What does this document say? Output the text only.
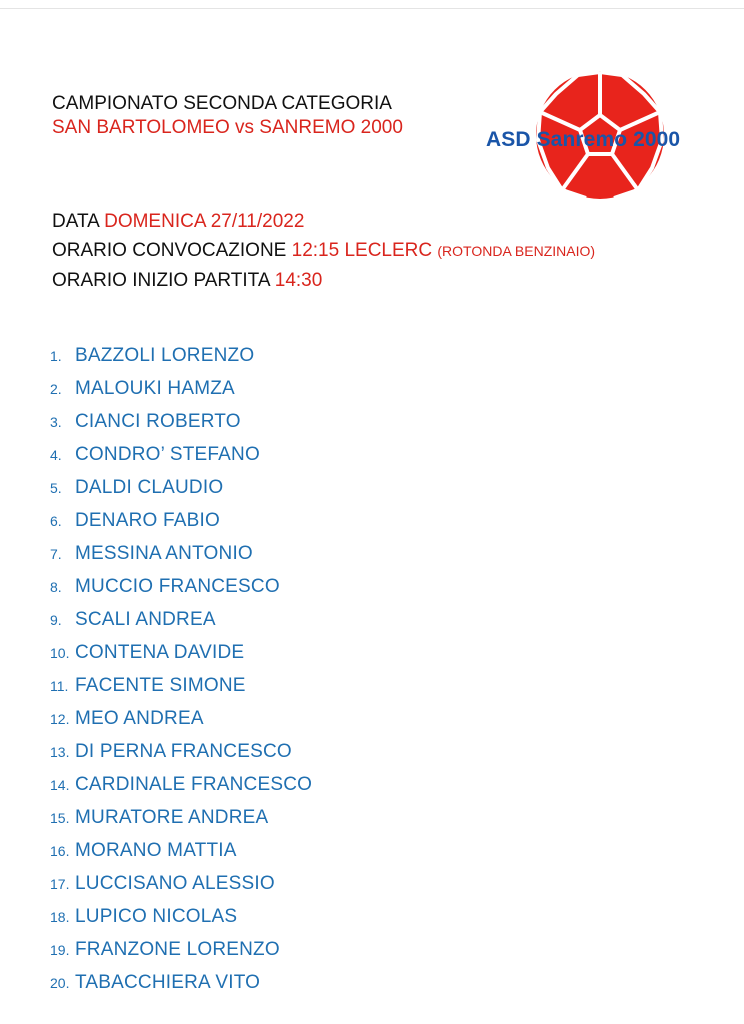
CAMPIONATO SECONDA CATEGORIA
SAN BARTOLOMEO vs SANREMO 2000
ASD Sanremo 2000
DATA DOMENICA 27/11/2022
ORARIO CONVOCAZIONE 12:15 LECLERC (ROTONDA BENZINAIO)
ORARIO INIZIO PARTITA 14:30
1. BAZZOLI LORENZO
2. MALOUKI HAMZA
3. CIANCI ROBERTO
4. CONDRO’ STEFANO
5. DALDI CLAUDIO
6. DENARO FABIO
7. MESSINA ANTONIO
8. MUCCIO FRANCESCO
9. SCALI ANDREA
10. CONTENA DAVIDE
11. FACENTE SIMONE
12. MEO ANDREA
13. DI PERNA FRANCESCO
14. CARDINALE FRANCESCO
15. MURATORE ANDREA
16. MORANO MATTIA
17. LUCCISANO ALESSIO
18. LUPICO NICOLAS
19. FRANZONE LORENZO
20. TABACCHIERA VITO
